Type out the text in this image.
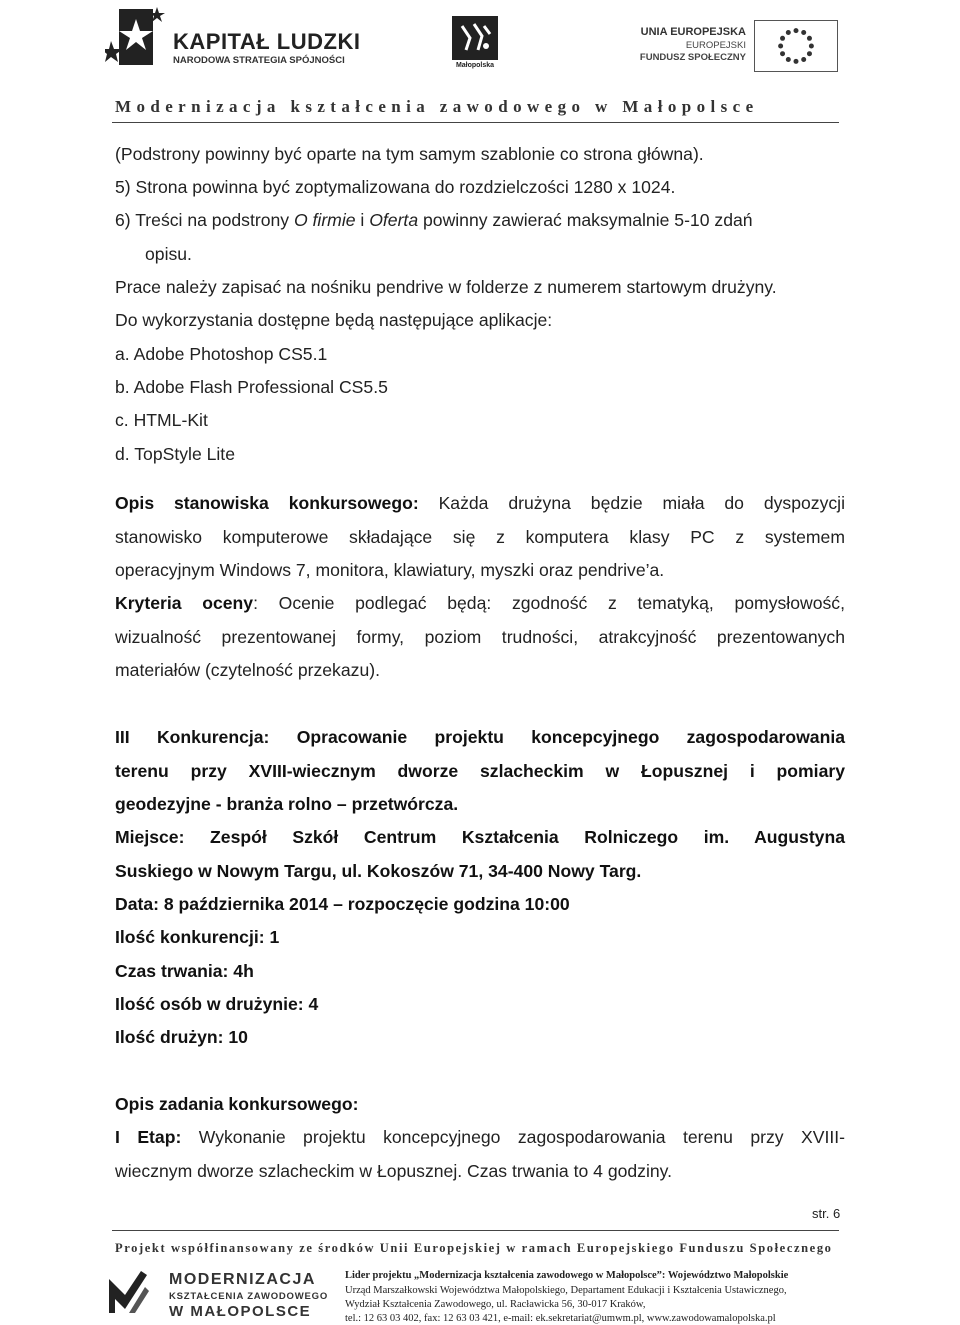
KAPITAŁ LUDZKI
NARODOWA STRATEGIA SPÓJNOŚCI	Małopolska
UNIA EUROPEJSKA
EUROPEJSKI
FUNDUSZ SPOŁECZNY
Modernizacja kształcenia zawodowego w Małopolsce
(Podstrony powinny być oparte na tym samym szablonie co strona główna).
5) Strona powinna być zoptymalizowana do rozdzielczości 1280 x 1024.
6) Treści na podstrony O firmie i Oferta powinny zawierać maksymalnie 5-10 zdań
opisu.
Prace należy zapisać na nośniku pendrive w folderze z numerem startowym drużyny.
Do wykorzystania dostępne będą następujące aplikacje:
a. Adobe Photoshop CS5.1
b. Adobe Flash Professional CS5.5
c. HTML-Kit
d. TopStyle Lite
Opis stanowiska konkursowego: Każda drużyna będzie miała do dyspozycji
stanowisko komputerowe składające się z komputera klasy PC z systemem
operacyjnym Windows 7, monitora, klawiatury, myszki oraz pendrive’a.
Kryteria oceny: Ocenie podlegać będą: zgodność z tematyką, pomysłowość,
wizualność prezentowanej formy, poziom trudności, atrakcyjność prezentowanych
materiałów (czytelność przekazu).
III Konkurencja: Opracowanie projektu koncepcyjnego zagospodarowania
terenu przy XVIII-wiecznym dworze szlacheckim w Łopusznej i pomiary
geodezyjne - branża rolno – przetwórcza.
Miejsce: Zespół Szkół Centrum Kształcenia Rolniczego im. Augustyna
Suskiego w Nowym Targu, ul. Kokoszów 71, 34-400 Nowy Targ.
Data: 8 października 2014 – rozpoczęcie godzina 10:00
Ilość konkurencji: 1
Czas trwania: 4h
Ilość osób w drużynie: 4
Ilość drużyn: 10
Opis zadania konkursowego:
I Etap: Wykonanie projektu koncepcyjnego zagospodarowania terenu przy XVIII-
wiecznym dworze szlacheckim w Łopusznej. Czas trwania to 4 godziny.
str. 6
Projekt współfinansowany ze środków Unii Europejskiej w ramach Europejskiego Funduszu Społecznego
MODERNIZACJA
KSZTAŁCENIA ZAWODOWEGO
W MAŁOPOLSCE
Lider projektu „Modernizacja kształcenia zawodowego w Małopolsce”: Województwo Małopolskie
Urząd Marszałkowski Województwa Małopolskiego, Departament Edukacji i Kształcenia Ustawicznego,
Wydział Kształcenia Zawodowego, ul. Racławicka 56, 30-017 Kraków,
tel.: 12 63 03 402, fax: 12 63 03 421, e-mail: ek.sekretariat@umwm.pl, www.zawodowamalopolska.pl
